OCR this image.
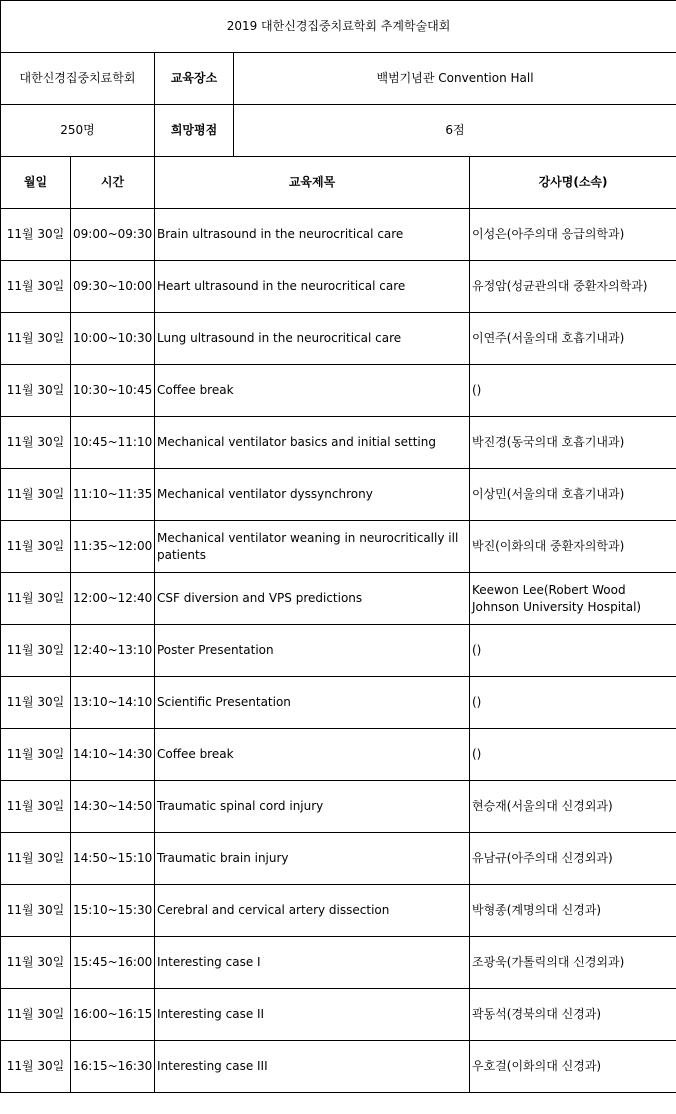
2019 대한신경집중치료학회 추계학술대회				
대한신경집중치료학회		교육장소	백범기념관 Convention Hall	
250명		희망평점	6점	
월일	시간	교육제목		강사명(소속)
11월 30일	09:00~09:30	Brain ultrasound in the neurocritical care		이성은(아주의대 응급의학과)
11월 30일	09:30~10:00	Heart ultrasound in the neurocritical care		유정암(성균관의대 중환자의학과)
11월 30일	10:00~10:30	Lung ultrasound in the neurocritical care		이연주(서울의대 호흡기내과)
11월 30일	10:30~10:45	Coffee break		()
11월 30일	10:45~11:10	Mechanical ventilator basics and initial setting		박진경(동국의대 호흡기내과)
11월 30일	11:10~11:35	Mechanical ventilator dyssynchrony		이상민(서울의대 호흡기내과)
11월 30일	11:35~12:00	Mechanical ventilator weaning in neurocritically ill patients		박진(이화의대 중환자의학과)
11월 30일	12:00~12:40	CSF diversion and VPS predictions		Keewon Lee(Robert Wood Johnson University Hospital)
11월 30일	12:40~13:10	Poster Presentation		()
11월 30일	13:10~14:10	Scientific Presentation		()
11월 30일	14:10~14:30	Coffee break		()
11월 30일	14:30~14:50	Traumatic spinal cord injury		현승재(서울의대 신경외과)
11월 30일	14:50~15:10	Traumatic brain injury		유남규(아주의대 신경외과)
11월 30일	15:10~15:30	Cerebral and cervical artery dissection		박형종(계명의대 신경과)
11월 30일	15:45~16:00	Interesting case I		조광욱(가톨릭의대 신경외과)
11월 30일	16:00~16:15	Interesting case II		곽동석(경북의대 신경과)
11월 30일	16:15~16:30	Interesting case III		우호걸(이화의대 신경과)
